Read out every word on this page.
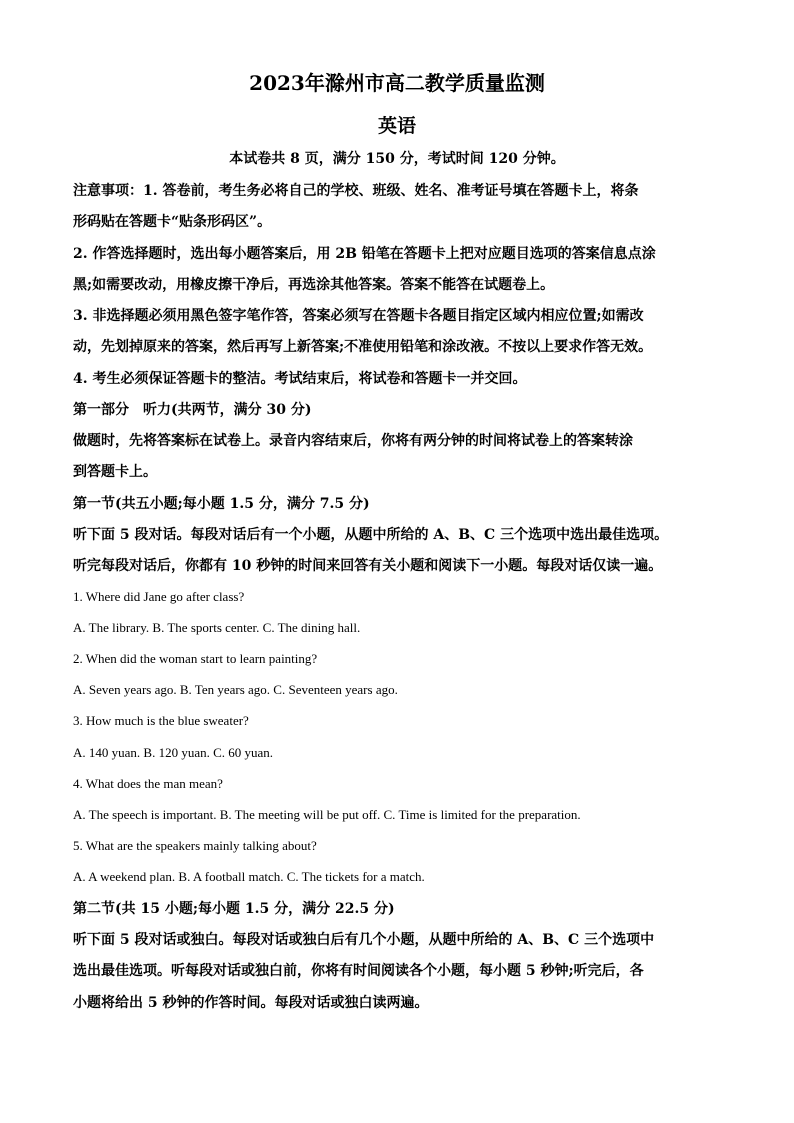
2023年滁州市高二教学质量监测
英语
本试卷共 8 页，满分 150 分，考试时间 120 分钟。
注意事项：1. 答卷前，考生务必将自己的学校、班级、姓名、准考证号填在答题卡上，将条
形码贴在答题卡“贴条形码区”。
2. 作答选择题时，选出每小题答案后，用 2B 铅笔在答题卡上把对应题目选项的答案信息点涂
黑;如需要改动，用橡皮擦干净后，再选涂其他答案。答案不能答在试题卷上。
3. 非选择题必须用黑色签字笔作答，答案必须写在答题卡各题目指定区域内相应位置;如需改
动，先划掉原来的答案，然后再写上新答案;不准使用铅笔和涂改液。不按以上要求作答无效。
4. 考生必须保证答题卡的整洁。考试结束后，将试卷和答题卡一并交回。
第一部分　听力(共两节，满分 30 分)
做题时，先将答案标在试卷上。录音内容结束后，你将有两分钟的时间将试卷上的答案转涂
到答题卡上。
第一节(共五小题;每小题 1.5 分，满分 7.5 分)
听下面 5 段对话。每段对话后有一个小题，从题中所给的 A、B、C 三个选项中选出最佳选项。
听完每段对话后，你都有 10 秒钟的时间来回答有关小题和阅读下一小题。每段对话仅读一遍。
1. Where did Jane go after class?
A. The library. B. The sports center. C. The dining hall.
2. When did the woman start to learn painting?
A. Seven years ago. B. Ten years ago. C. Seventeen years ago.
3. How much is the blue sweater?
A. 140 yuan. B. 120 yuan. C. 60 yuan.
4. What does the man mean?
A. The speech is important. B. The meeting will be put off. C. Time is limited for the preparation.
5. What are the speakers mainly talking about?
A. A weekend plan. B. A football match. C. The tickets for a match.
第二节(共 15 小题;每小题 1.5 分，满分 22.5 分)
听下面 5 段对话或独白。每段对话或独白后有几个小题，从题中所给的 A、B、C 三个选项中
选出最佳选项。听每段对话或独白前，你将有时间阅读各个小题，每小题 5 秒钟;听完后，各
小题将给出 5 秒钟的作答时间。每段对话或独白读两遍。
